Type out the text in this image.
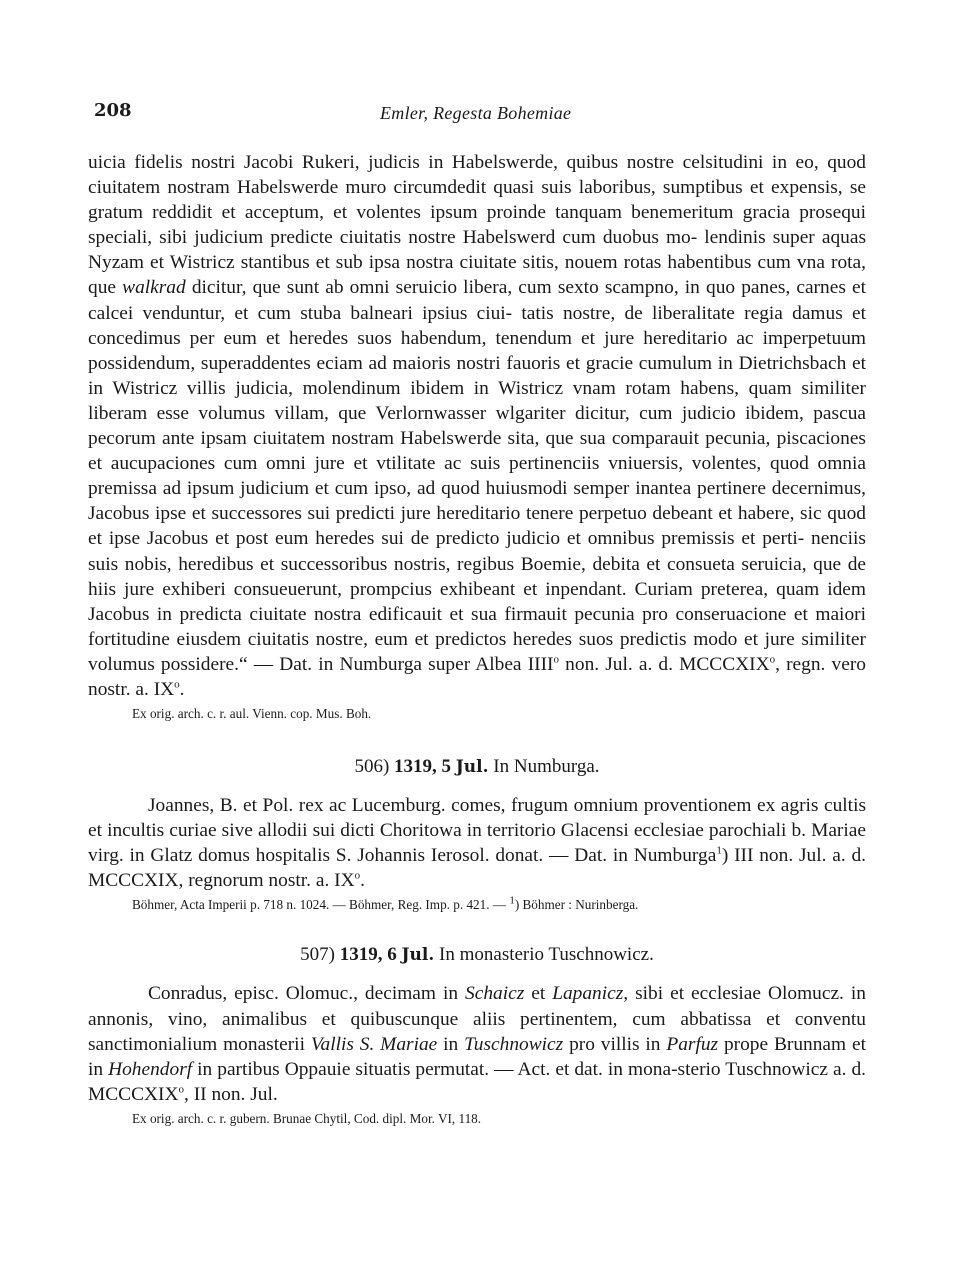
208	Emler, Regesta Bohemiae

uicia fidelis nostri Jacobi Rukeri, judicis in Habelswerde, quibus nostre celsitudini in eo, quod ciuitatem nostram Habelswerde muro circumdedit quasi suis laboribus, sumptibus et expensis, se gratum reddidit et acceptum, et volentes ipsum proinde tanquam benemeritum gracia prosequi speciali, sibi judicium predicte ciuitatis nostre Habelswerd cum duobus mo- lendinis super aquas Nyzam et Wistricz stantibus et sub ipsa nostra ciuitate sitis, nouem rotas habentibus cum vna rota, que walkrad dicitur, que sunt ab omni seruicio libera, cum sexto scampno, in quo panes, carnes et calcei venduntur, et cum stuba balneari ipsius ciui- tatis nostre, de liberalitate regia damus et concedimus per eum et heredes suos habendum, tenendum et jure hereditario ac imperpetuum possidendum, superaddentes eciam ad maioris nostri fauoris et gracie cumulum in Dietrichsbach et in Wistricz villis judicia, molendinum ibidem in Wistricz vnam rotam habens, quam similiter liberam esse volumus villam, que Verlornwasser wlgariter dicitur, cum judicio ibidem, pascua pecorum ante ipsam ciuitatem nostram Habelswerde sita, que sua comparauit pecunia, piscaciones et aucupaciones cum omni jure et vtilitate ac suis pertinenciis vniuersis, volentes, quod omnia premissa ad ipsum judicium et cum ipso, ad quod huiusmodi semper inantea pertinere decernimus, Jacobus ipse et successores sui predicti jure hereditario tenere perpetuo debeant et habere, sic quod et ipse Jacobus et post eum heredes sui de predicto judicio et omnibus premissis et perti- nenciis suis nobis, heredibus et successoribus nostris, regibus Boemie, debita et consueta seruicia, que de hiis jure exhiberi consueuerunt, prompcius exhibeant et inpendant. Curiam preterea, quam idem Jacobus in predicta ciuitate nostra edificauit et sua firmauit pecunia pro conseruacione et maiori fortitudine eiusdem ciuitatis nostre, eum et predictos heredes suos predictis modo et jure similiter volumus possidere.“ — Dat. in Numburga super Albea IIII$^o$ non. Jul. a. d. MCCCXIX$^o$, regn. vero nostr. a. $IX^o$.

Ex orig. arch. c. r. aul. Vienn. cop. Mus. Boh.

506) 1319, 5 Jul. In Numburga.

Joannes, B. et Pol. rex ac Lucemburg. comes, frugum omnium proventionem ex agris cultis et incultis curiae sive allodii sui dicti Choritowa in territorio Glacensi ecclesiae parochiali b. Mariae virg. in Glatz domus hospitalis S. Johannis Ierosol. donat. — Dat. in Numburga$^1$) III non. Jul. a. d. MCCCXIX, regnorum nostr. a. $IX^o$.

Böhmer, Acta Imperii p. 718 n. 1024. — Böhmer, Reg. Imp. p. 421. — $^1$) Böhmer : Nurinberga.

507) 1319, 6 Jul. In monasterio Tuschnowicz.

Conradus, episc. Olomuc., decimam in Schaicz et Lapanicz, sibi et ecclesiae Olomucz. in annonis, vino, animalibus et quibuscunque aliis pertinentem, cum abbatissa et conventu sanctimonialium monasterii Vallis S. Mariae in Tuschnowicz pro villis in Parfuz prope Brunnam et in Hohendorf in partibus Oppauie situatis permutat. — Act. et dat. in mona-sterio Tuschnowicz a. d. MCCCXIX$^o$, II non. Jul.

Ex orig. arch. c. r. gubern. Brunae Chytil, Cod. dipl. Mor. VI, 118.
